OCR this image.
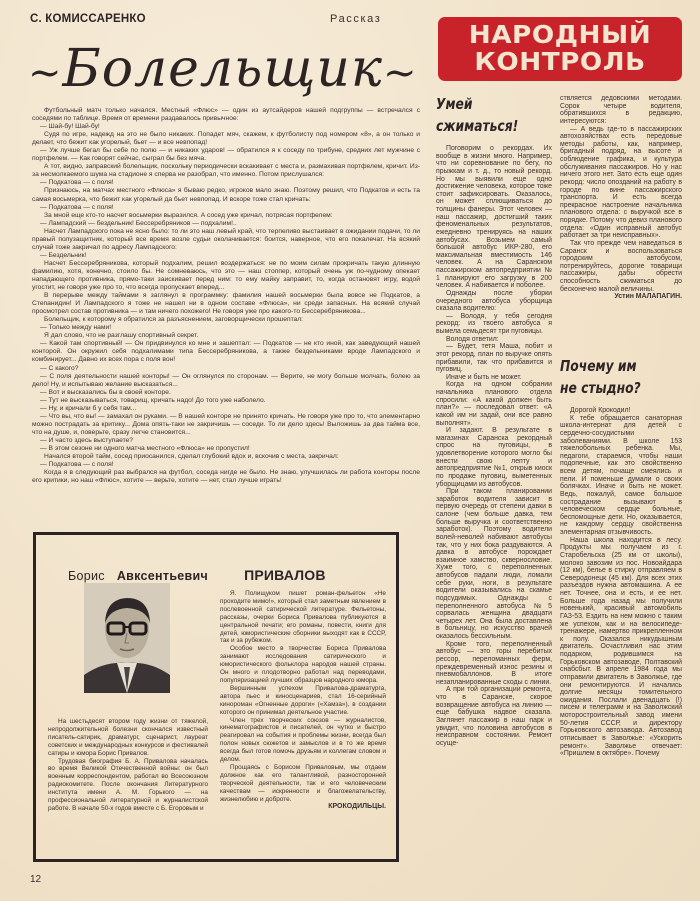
С. КОМИССАРЕНКО	Рассказ
~Болельщик~

Футбольный матч только начался. Местный «Флюс» — один из аутсайдеров нашей подгруппы — встречался с соседями по таблице. Время от времени раздавалось привычное:

— Шай-бу! Шай-бу!

Судя по игре, надежд на это не было никаких. Попадет мяч, скажем, к футболисту под номером «8», а он только и делает, что бежит как угорелый, бьет — и все невпопад!

— Уж лучше бегал бы себе по полю — и никаких ударов! — обратился я к соседу по трибуне, средних лет мужчине с портфелем. — Как говорят сейчас, сыграл бы без мяча.

А тот, видно, заправский болельщик, поскольку периодически вскакивает с места и, размахивая портфелем, кричит. Из-за несмолкаемого шума на стадионе я сперва не разобрал, что именно. Потом прислушался:

— Подкатова — с поля!

Признаюсь, на матчах местного «Флюса» я бываю редко, игроков мало знаю. Поэтому решил, что Подкатов и есть та самая восьмерка, что бежит как угорелый да бьет невпопад. И вскоре тоже стал кричать:

— Подкатова — с поля!

За мной еще кто-то насчет восьмерки выразился. А сосед уже кричал, потрясая портфелем:

— Лампадский — бездельник! Бессеребряников — подхалим!..

Насчет Лампадского пока не ясно было: то ли это наш левый край, что терпеливо выстаивает в ожидании подачи, то ли правый полузащитник, который все время возле судьи околачивается: боится, наверное, что его покалечат. На всякий случай тоже закричал по адресу Лампадского:

— Бездельник!

Насчет Бессеребряникова, который подхалим, решил воздержаться: не по моим силам прокричать такую длинную фамилию, хотя, конечно, стоило бы. Не сомневаюсь, что это — наш стоппер, который очень уж по-чудному опекает нападающего противника, прямо-таки заискивает перед ним: то ему майку заправит, то, когда остановят игру, водой угостит, не говоря уже про то, что всегда пропускает вперед...

В перерыве между таймами я заглянул в программку: фамилия нашей восьмерки была вовсе не Подкатов, а Степанидин! И Лампадского я тоже не нашел ни в одном составе «Флюса», ни среди запасных. На всякий случай просмотрел состав противника — и там ничего похожего! Не говоря уже про какого-то Бессеребряникова...

Болельщик, к которому я обратился за разъяснением, заговорщически прошептал:

— Только между нами!

Я дал слово, что не разглашу спортивный секрет.

— Какой там спортивный! — Он придвинулся ко мне и зашептал: — Подкатов — не кто иной, как заведующий нашей конторой. Он окружил себя подхалимами типа Бессеребряникова, а также бездельниками вроде Лампадского и комбинирует... Давно их всех пора с поля вон!

— С какого?

— С поля деятельности нашей конторы! — Он оглянулся по сторонам. — Верите, не могу больше молчать, болею за дело! Ну, и испытываю желание высказаться...

— Вот и высказались бы в своей конторе.

— Тут не высказываться, товарищ, кричать надо! До того уже наболело.

— Ну, и кричали б у себя там...

— Что вы, что вы! — замахал он руками. — В нашей конторе не принято кричать. Не говоря уже про то, что элементарно можно пострадать за критику... Дома опять-таки не закричишь — соседи. То ли дело здесь! Выложишь за два тайма все, что на душе, и, поверьте, сразу легче становится...

— И часто здесь выступаете?

— В этом сезоне ни одного матча местного «Флюса» не пропустил!

Начался второй тайм, сосед приосанился, сделал глубокий вдох и, вскочив с места, закричал:

— Подкатова — с поля!

Когда я в следующий раз выбрался на футбол, соседа нигде не было. Не знаю, улучшилась ли работа конторы после его критики, но наш «Флюс», хотите — верьте, хотите — нет, стал лучше играть!

Борис Авксентьевич	ПРИВАЛОВ

На шестьдесят втором году жизни от тяжелой, непродолжительной болезни скончался известный писатель-сатирик, драматург, сценарист, лауреат советских и международных конкурсов и фестивалей сатиры и юмора Борис Привалов.

Трудовая биография Б. А. Привалова началась во время Великой Отечественной войны: он был военным корреспондентом, работал во Всесоюзном радиокомитете. После окончания Литературного института имени А. М. Горького — на профессиональной литературной и журналистской работе. В начале 50-х годов вместе с Б. Егоровым и

Я. Полищуком пишет роман-фельетон «Не проходите мимо!», который стал заметным явлением в послевоенной сатирической литературе. Фельетоны, рассказы, очерки Бориса Привалова публикуются в центральной печати; его романы, повести, книги для детей, юмористические сборники выходят как в СССР, так и за рубежом.

Особое место в творчестве Бориса Привалова занимают исследования сатирического и юмористического фольклора народов нашей страны. Он много и плодотворно работал над переводами, популяризацией лучших образцов народного юмора.

Вершинным успехом Привалова-драматурга, автора пьес и киносценариев, стал 16-серийный кинороман «Огненные дороги» («Хамза»), в создании которого он принимал деятельное участие.

Член трех творческих союзов — журналистов, кинематографистов и писателей, он чутко и быстро реагировал на события и проблемы жизни, всегда был полон новых сюжетов и замыслов и в то же время всегда был готов помочь друзьям и коллегам словом и делом.

Прощаясь с Борисом Приваловым, мы отдаем должное как его талантливой, разносторонней творческой деятельности, так и его человеческим качествам — искренности и благожелательству, жизнелюбию и доброте.

КРОКОДИЛЬЦЫ.

12
НАРОДНЫЙ
КОНТРОЛЬ
Умей
сжиматься!

Поговорим о рекордах. Их вообще в жизни много. Например, что ни соревнование по бегу, по прыжкам и т. д., то новый рекорд. Но мы выявили еще одно достижение человека, которое тоже стоит зафиксировать. Оказалось, он может сплющиваться до толщины фанеры. Этот человек — наш пассажир, достигший таких феноменальных результатов, ежедневно тренируясь на наших автобусах. Возьмем самый большой автобус ИКР-280, его максимальная вместимость 146 человек. А на Саранском пассажирском автопредприятии № 1 планируют его загрузку в 200 человек. А набивается и поболее.

Однажды после уборки очередного автобуса уборщица сказала водителю:

— Володя, у тебя сегодня рекорд: из твоего автобуса я вымела семьдесят три пуговицы.

Володя ответил:

— Будет, тетя Маша, побит и этот рекорд, план по выручке опять прибавили, так что прибавится и пуговиц.

Иначе и быть не может.

Когда на одном собрании начальника планового отдела спросили: «А какой должен быть план?» — последовал ответ: «А какой им ни задай, они все равно выполнят».

И задают. В результате в магазинах Саранска рекордный спрос на пуговицы, в удовлетворение которого могло бы внести свою лепту и автопредприятие №1, открыв киоск по продаже пуговиц, выметенных уборщицами из автобусов.

При таком планировании заработок водителя зависит в первую очередь от степени давки в салоне (чем больше давка, тем больше выручка и соответственно заработок). Поэтому водители волей-неволей набивают автобусы так, что у них бока раздуваются. А давка в автобусе порождает взаимное хамство, сквернословие. Хуже того, с переполненных автобусов падали люди, ломали себе руки, ноги, в результате водители оказывались на скамье подсудимых. Однажды с переполненного автобуса №5 сорвалась женщина двадцати четырех лет. Она была доставлена в больницу, но искусство врачей оказалось бессильным.

Кроме того, переполненный автобус — это горы перебитых рессор, переломанных ферм, преждевременный износ резины и пневмобаллонов. В итоге незапланированные сходы с линии.

А при той организации ремонта, что в Саранске, скорое возвращение автобуса на линию — еще бабушка надвое сказала. Заглянет пассажир в наш парк и увидит, что половина автобусов в неисправном состоянии. Ремонт осуще-

ствляется дедовскими методами. Сорок четыре водителя, обратившихся в редакцию, интересуются:

— А ведь где-то в пассажирских автохозяйствах есть передовые методы работы, как, например, бригадный подряд, на высоте и соблюдение графика, и культура обслуживания пассажиров. Но у нас ничего этого нет. Зато есть еще один рекорд: число опозданий на работу в городе по вине пассажирского транспорта. И есть всегда прекрасное настроение начальника планового отдела: с выручкой все в порядке. Потому что девиз планового отдела: «Один исправный автобус работает за три неисправных».

Так что прежде чем наведаться в Саранск и воспользоваться городским автобусом, потренируйтесь, дорогие товарищи пассажиры, дабы обрести способность сжиматься до бесконечно малой величины.

Устин МАЛАПАГИН.

Почему им
не стыдно?

Дорогой Крокодил!

К тебе обращается санаторная школа-интернат для детей с сердечно-сосудистыми заболеваниями. В школе 153 тяжелобольных ребенка. Мы, педагоги, стараемся, чтобы наши подопечные, как это свойственно всем детям, почаще смеялись и пели. И поменьше думали о своих болячках. Иначе и быть не может. Ведь, пожалуй, самое большое сострадание вызывают в человеческом сердце больные, беспомощные дети. Но, оказывается, не каждому сердцу свойственна элементарная отзывчивость.

Наша школа находится в лесу. Продукты мы получаем из г. Старобельска (25 км от школы), молоко завозим из пос. Новоайдара (12 км), белье в стирку отправляем в Северодонецк (45 км). Для всех этих разъездов нужна автомашина. А ее нет. Точнее, она и есть, и ее нет. Больше года назад мы получили новенький, красивый автомобиль ГАЗ-53. Ездить на нем можно с таким же успехом, как и на велосипеде-тренажере, намертво прикрепленном к полу. Оказался никудышным двигатель. Осчастливил нас этим подарком, родившимся на Горьковском автозаводе, Полтавский снабсбыт. В апреле 1984 года мы отправили двигатель в Заволжье, где они ремонтируются. И начались долгие месяцы томительного ожидания. Послали двенадцать (!) писем и телеграмм и на Заволжский моторостроительный завод имени 50-летия СССР, и директору Горьковского автозавода. Автозавод отписывает в Заволжье: «Ускорить ремонт». Заволжье отвечает: «Пришлем в октябре». Почему
